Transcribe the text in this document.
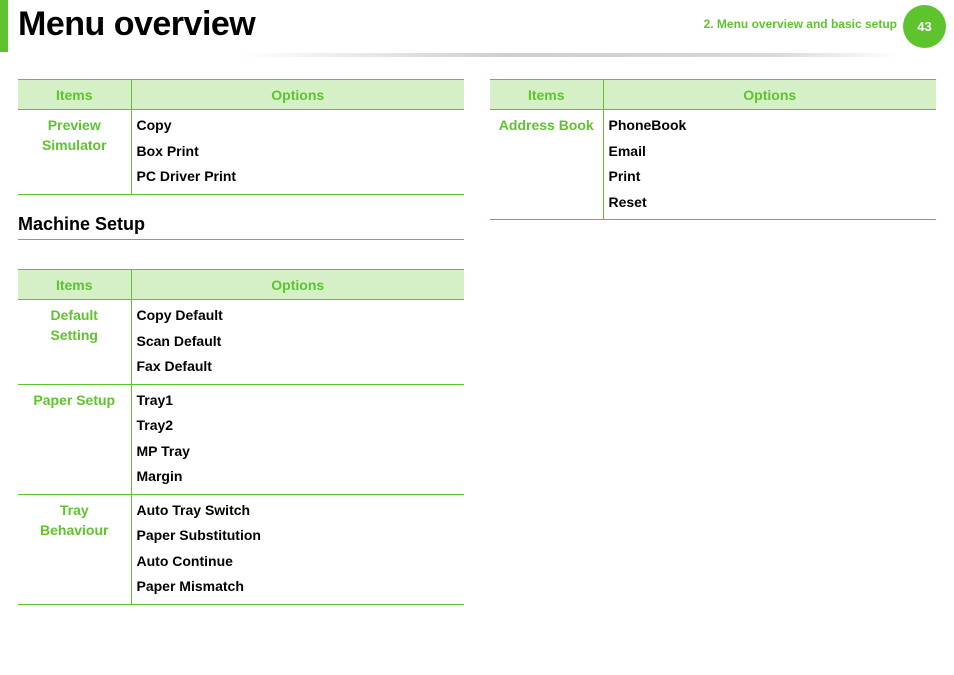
Menu overview	2. Menu overview and basic setup	43
Items	Options
Preview Simulator	Copy
Box Print
PC Driver Print
Machine Setup
Items	Options
Default Setting	Copy Default
Scan Default
Fax Default

Paper Setup	Tray1
Tray2
MP Tray
Margin

Tray Behaviour	Auto Tray Switch
Paper Substitution
Auto Continue
Paper Mismatch
Items	Options
Address Book	PhoneBook
Email
Print
Reset
